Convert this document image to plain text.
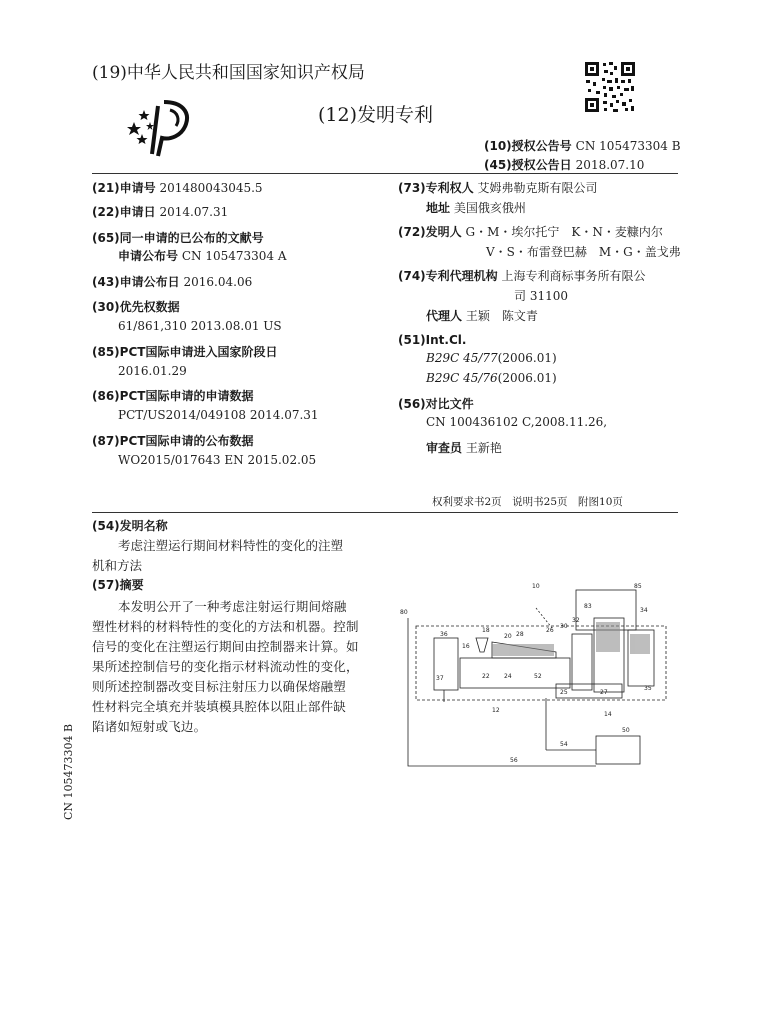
(19)中华人民共和国国家知识产权局
(12)发明专利
(10)授权公告号 CN 105473304 B
(45)授权公告日 2018.07.10
(21)申请号 201480043045.5
(22)申请日 2014.07.31
(65)同一申请的已公布的文献号
申请公布号 CN 105473304 A
(43)申请公布日 2016.04.06
(30)优先权数据
61/861,310 2013.08.01 US
(85)PCT国际申请进入国家阶段日
2016.01.29
(86)PCT国际申请的申请数据
PCT/US2014/049108 2014.07.31
(87)PCT国际申请的公布数据
WO2015/017643 EN 2015.02.05
(73)专利权人 艾姆弗勒克斯有限公司
地址 美国俄亥俄州
(72)发明人 G・M・埃尔托宁　K・N・麦糠内尔
V・S・布雷登巴赫　M・G・盖戈弗
(74)专利代理机构 上海专利商标事务所有限公
司 31100
代理人 王颖　陈文青
(51)Int.Cl.
B29C 45/77(2006.01)
B29C 45/76(2006.01)
(56)对比文件
CN 100436102 C,2008.11.26,
审查员 王新艳
权利要求书2页　说明书25页　附图10页
(54)发明名称
考虑注塑运行期间材料特性的变化的注塑
机和方法
(57)摘要
本发明公开了一种考虑注射运行期间熔融
塑性材料的材料特性的变化的方法和机器。控制
信号的变化在注塑运行期间由控制器来计算。如
果所述控制信号的变化指示材料流动性的变化，
则所述控制器改变目标注射压力以确保熔融塑
性材料完全填充并装填模具腔体以阻止部件缺
陷诸如短射或飞边。
10	85
80
36
18
20
16
28
26
30
32
83
34
37	22 24	52
25	27
12
35
14
54
50
56
CN 105473304 B
